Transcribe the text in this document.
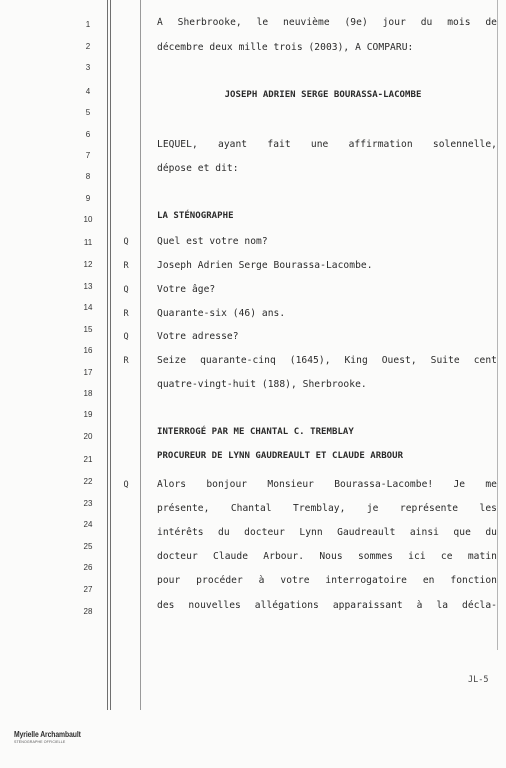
1
2
3
4
5
6
7
8
9
10
11
12
13
14
15
16
17
18
19
20
21
22
23
24
25
26
27
28
À Sherbrooke, le neuvième (9e) jour du mois de
décembre deux mille trois (2003), A COMPARU:
JOSEPH ADRIEN SERGE BOURASSA-LACOMBE
LEQUEL, ayant fait une affirmation solennelle,
dépose et dit:
LA STÉNOGRAPHE
Q	Quel est votre nom?
R	Joseph Adrien Serge Bourassa-Lacombe.
Q	Votre âge?
R	Quarante-six (46) ans.
Q	Votre adresse?
R	Seize quarante-cinq (1645), King Ouest, Suite cent
quatre-vingt-huit (188), Sherbrooke.
INTERROGÉ PAR ME CHANTAL C. TREMBLAY
PROCUREUR DE LYNN GAUDREAULT ET CLAUDE ARBOUR
Q	Alors bonjour Monsieur Bourassa-Lacombe! Je me
présente, Chantal Tremblay, je représente les
intérêts du docteur Lynn Gaudreault ainsi que du
docteur Claude Arbour. Nous sommes ici ce matin
pour procéder à votre interrogatoire en fonction
des nouvelles allégations apparaissant à la décla-
JL-5
Myrielle Archambault
STÉNOGRAPHE OFFICIELLE
